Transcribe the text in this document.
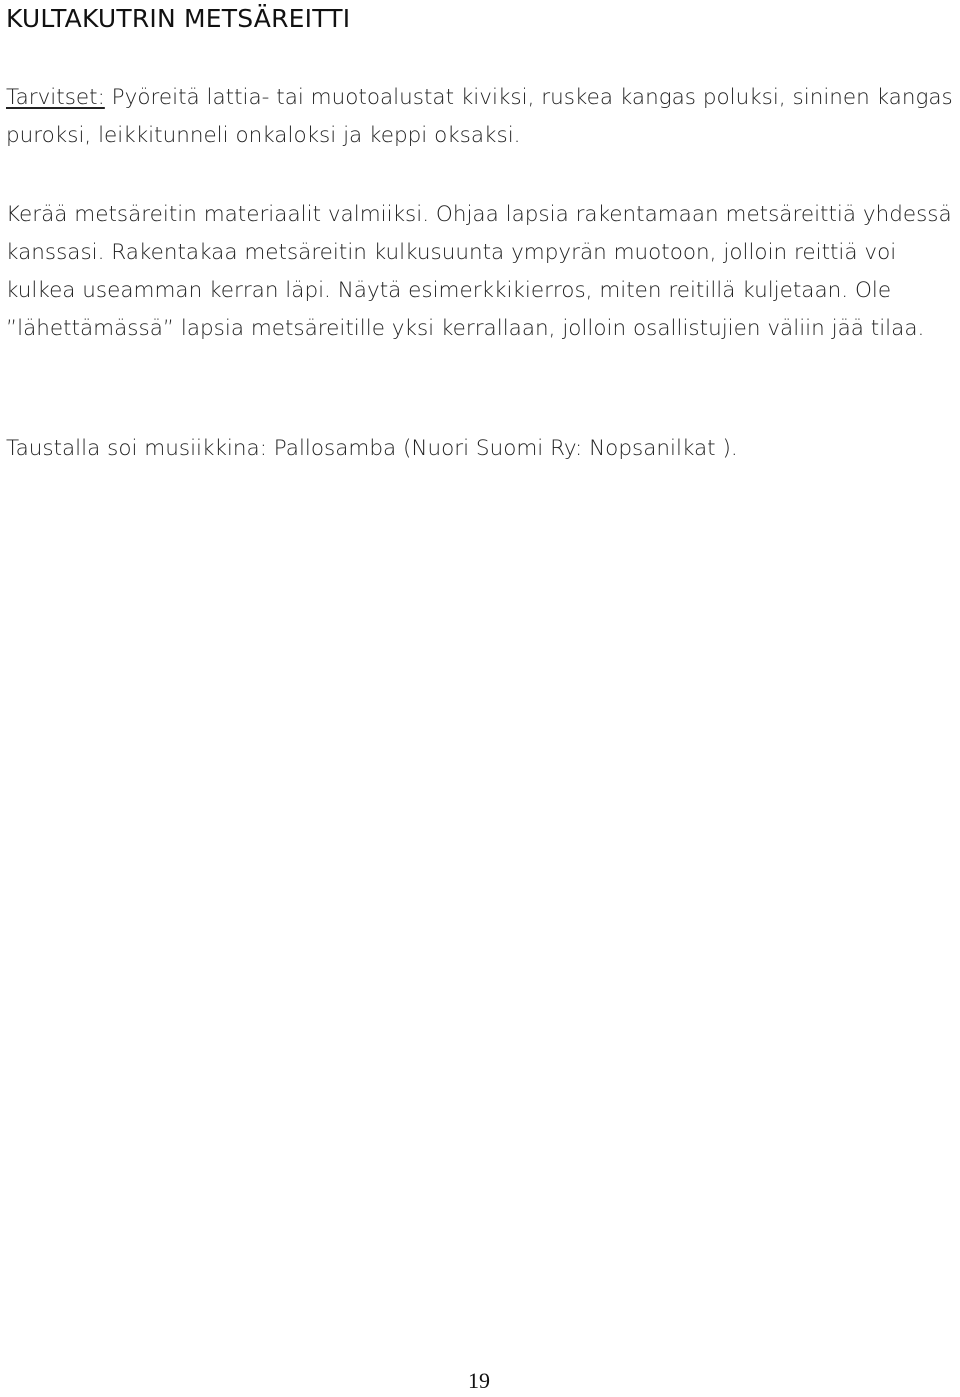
KULTAKUTRIN METSÄREITTI

Tarvitset: Pyöreitä lattia- tai muotoalustat kiviksi, ruskea kangas poluksi, sininen kangas puroksi, leikkitunneli onkaloksi ja keppi oksaksi.

Kerää metsäreitin materiaalit valmiiksi. Ohjaa lapsia rakentamaan metsäreittiä yhdessä kanssasi. Rakentakaa metsäreitin kulkusuunta ympyrän muotoon, jolloin reittiä voi kulkea useamman kerran läpi. Näytä esimerkkikierros, miten reitillä kuljetaan. Ole ”lähettämässä” lapsia metsäreitille yksi kerrallaan, jolloin osallistujien väliin jää tilaa.

Taustalla soi musiikkina: Pallosamba (Nuori Suomi Ry: Nopsanilkat ).

19
